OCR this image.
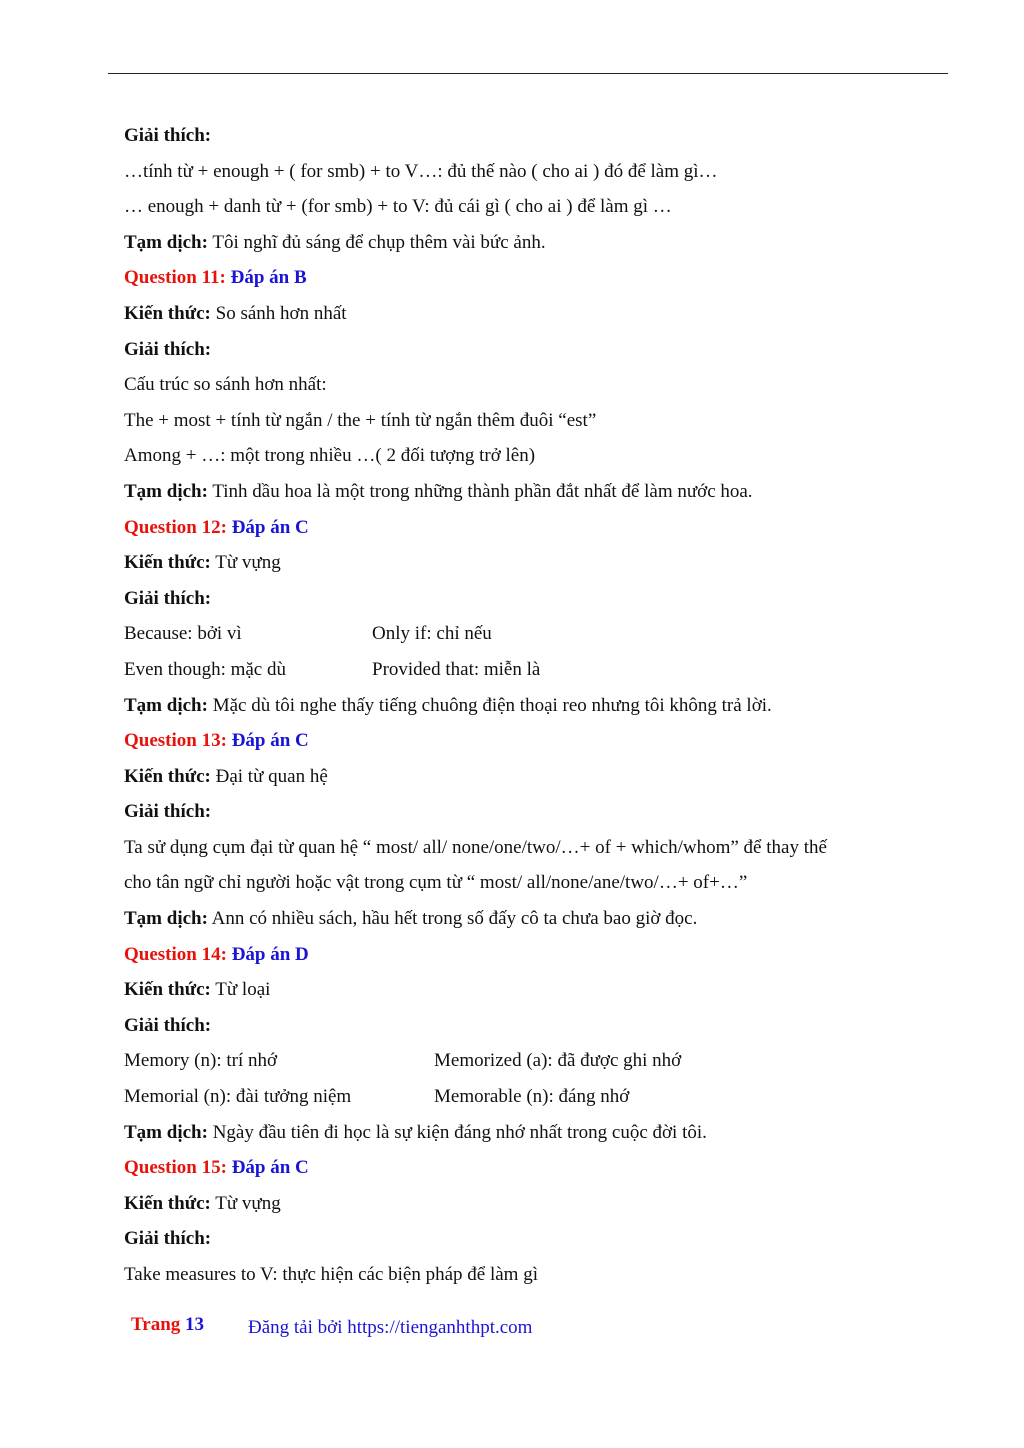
Giải thích:
…tính từ + enough + ( for smb) + to V…: đủ thế nào ( cho ai ) đó để làm gì…
… enough + danh từ + (for smb) + to V: đủ cái gì ( cho ai ) để làm gì …
Tạm dịch: Tôi nghĩ đủ sáng để chụp thêm vài bức ảnh.
Question 11: Đáp án B
Kiến thức: So sánh hơn nhất
Giải thích:
Cấu trúc so sánh hơn nhất:
The + most + tính từ ngắn / the + tính từ ngắn thêm đuôi “est”
Among + …: một trong nhiều …( 2 đối tượng trở lên)
Tạm dịch: Tinh dầu hoa là một trong những thành phần đắt nhất để làm nước hoa.
Question 12: Đáp án C
Kiến thức: Từ vựng
Giải thích:
Because: bởi vì	Only if: chỉ nếu
Even though: mặc dù	Provided that: miễn là
Tạm dịch: Mặc dù tôi nghe thấy tiếng chuông điện thoại reo nhưng tôi không trả lời.
Question 13: Đáp án C
Kiến thức: Đại từ quan hệ
Giải thích:
Ta sử dụng cụm đại từ quan hệ “ most/ all/ none/one/two/…+ of + which/whom” để thay thế
cho tân ngữ chỉ người hoặc vật trong cụm từ “ most/ all/none/ane/two/…+ of+…”
Tạm dịch: Ann có nhiều sách, hầu hết trong số đấy cô ta chưa bao giờ đọc.
Question 14: Đáp án D
Kiến thức: Từ loại
Giải thích:
Memory (n): trí nhớ	Memorized (a): đã được ghi nhớ
Memorial (n): đài tưởng niệm	Memorable (n): đáng nhớ
Tạm dịch: Ngày đầu tiên đi học là sự kiện đáng nhớ nhất trong cuộc đời tôi.
Question 15: Đáp án C
Kiến thức: Từ vựng
Giải thích:
Take measures to V: thực hiện các biện pháp để làm gì
Trang 13 Đăng tải bởi https://tienganhthpt.com
